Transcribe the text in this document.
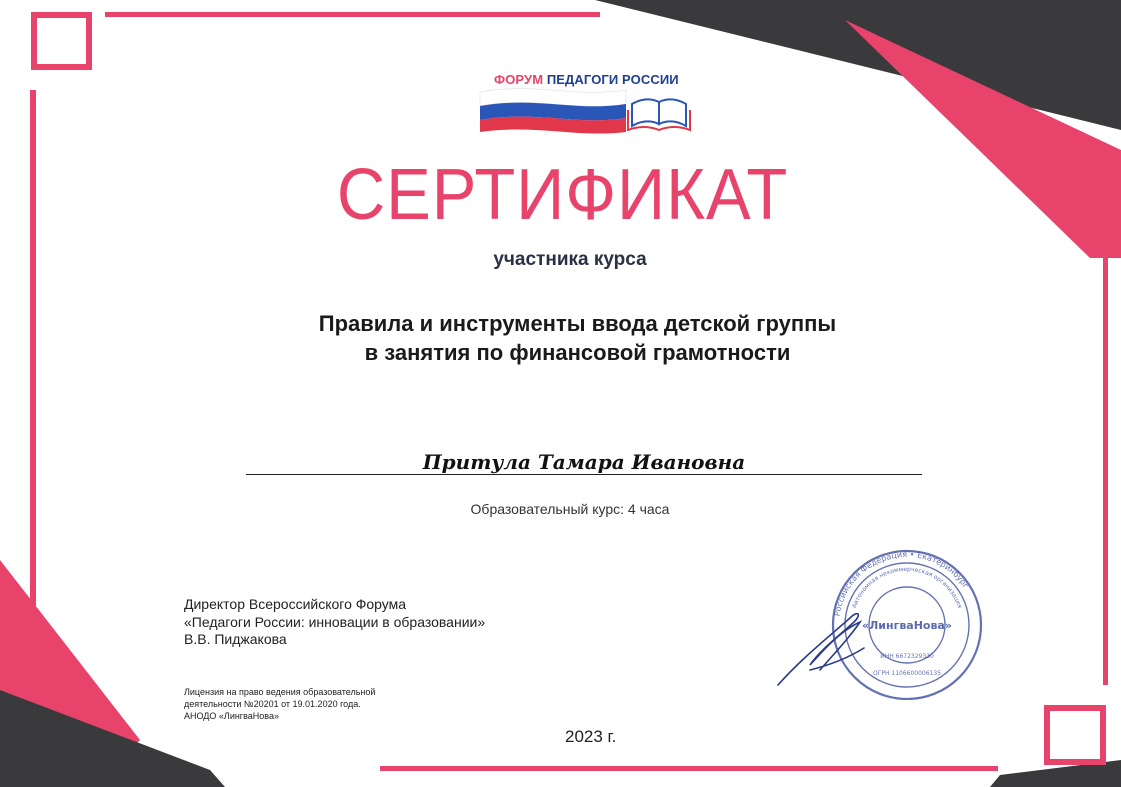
ФОРУМ ПЕДАГОГИ РОССИИ
СЕРТИФИКАТ
участника курса
Правила и инструменты ввода детской группы
в занятия по финансовой грамотности
Притула Тамара Ивановна
Образовательный курс: 4 часа
Директор Всероссийского Форума
«Педагоги России: инновации в образовании»
В.В. Пиджакова
Лицензия на право ведения образовательной
деятельности №20201 от 19.01.2020 года.
АНОДО «ЛингваНова»
2023 г.
Российская Федерация • Екатеринбург
Автономная некоммерческая организация
«ЛингваНова»
ИНН 6672329330
ОГРН 1106600006135
